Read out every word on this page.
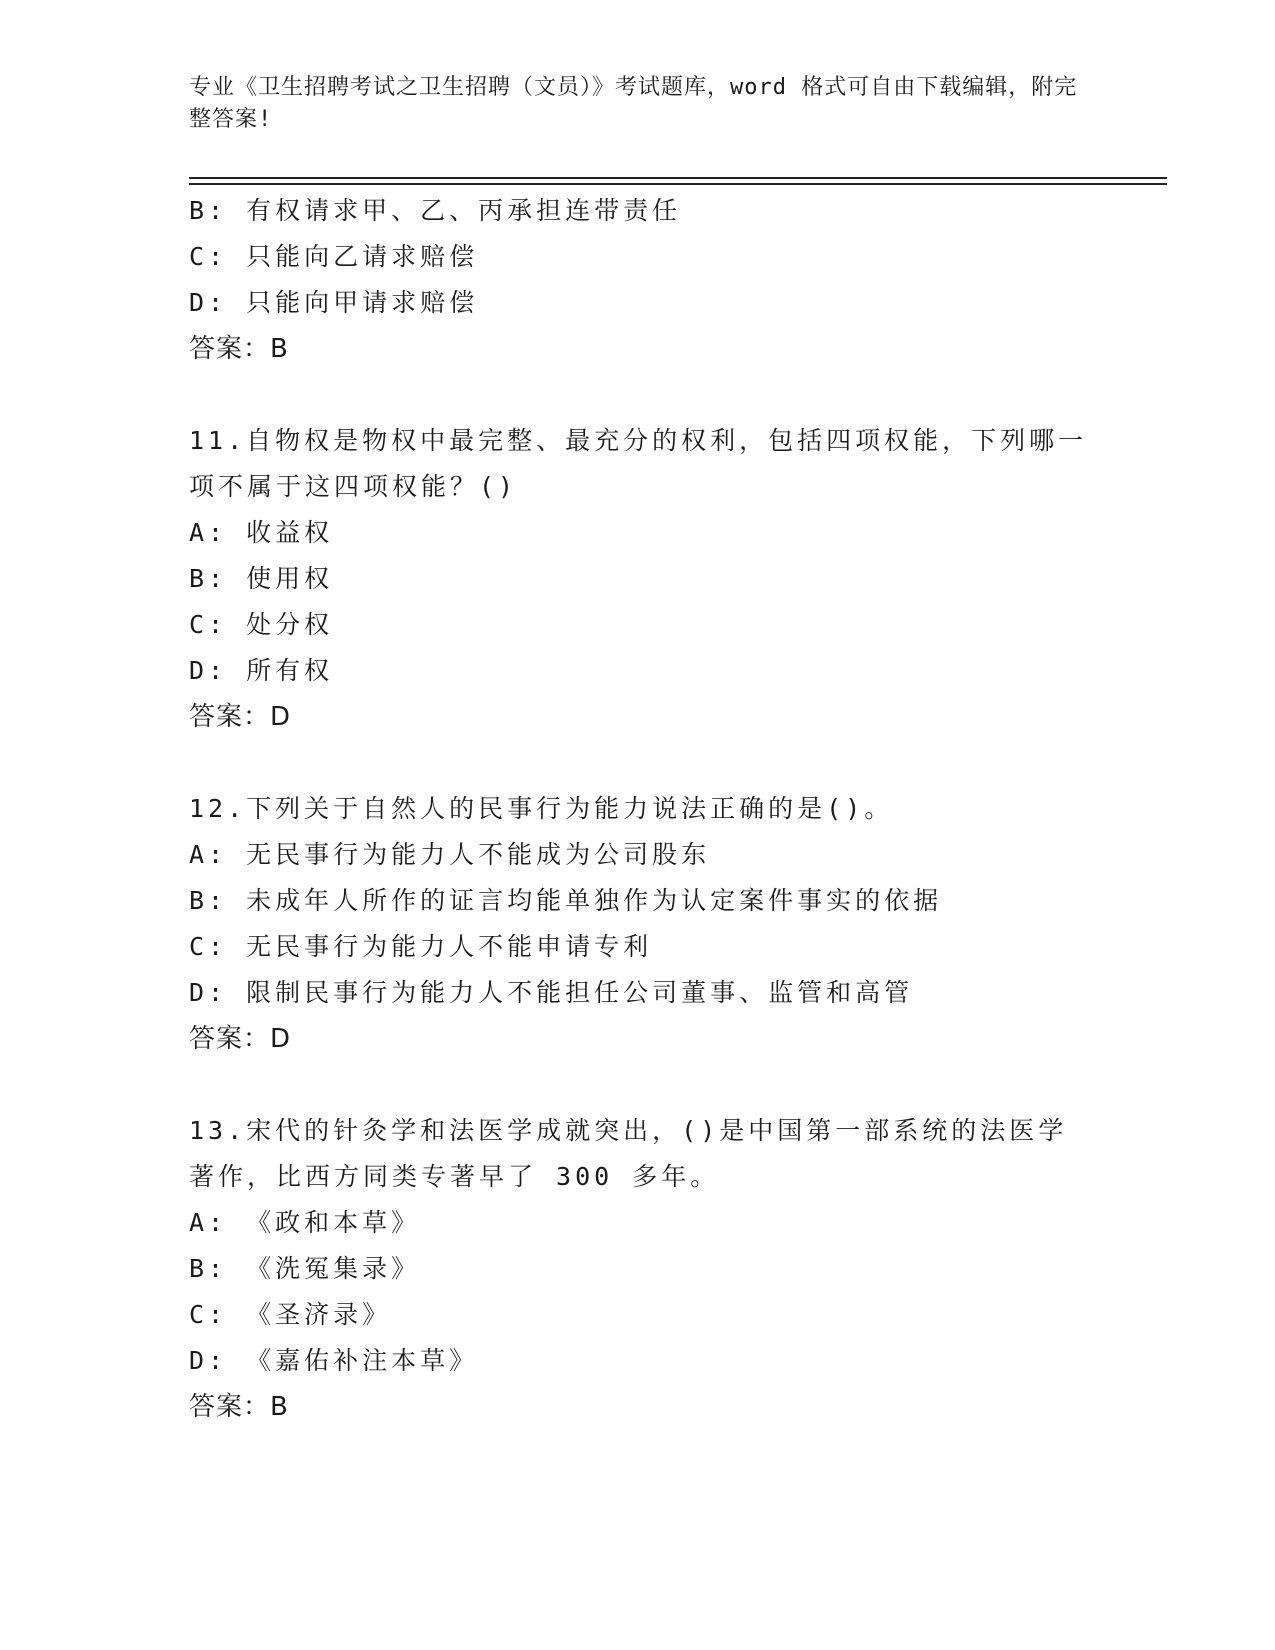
专业《卫生招聘考试之卫生招聘（文员）》考试题库，word 格式可自由下载编辑，附完整答案!
B: 有权请求甲、乙、丙承担连带责任
C: 只能向乙请求赔偿
D: 只能向甲请求赔偿
答案：B
11.自物权是物权中最完整、最充分的权利，包括四项权能，下列哪一项不属于这四项权能？()
A: 收益权
B: 使用权
C: 处分权
D: 所有权
答案：D
12.下列关于自然人的民事行为能力说法正确的是()。
A: 无民事行为能力人不能成为公司股东
B: 未成年人所作的证言均能单独作为认定案件事实的依据
C: 无民事行为能力人不能申请专利
D: 限制民事行为能力人不能担任公司董事、监管和高管
答案：D
13.宋代的针灸学和法医学成就突出，()是中国第一部系统的法医学著作，比西方同类专著早了 300 多年。
A: 《政和本草》
B: 《洗冤集录》
C: 《圣济录》
D: 《嘉佑补注本草》
答案：B
